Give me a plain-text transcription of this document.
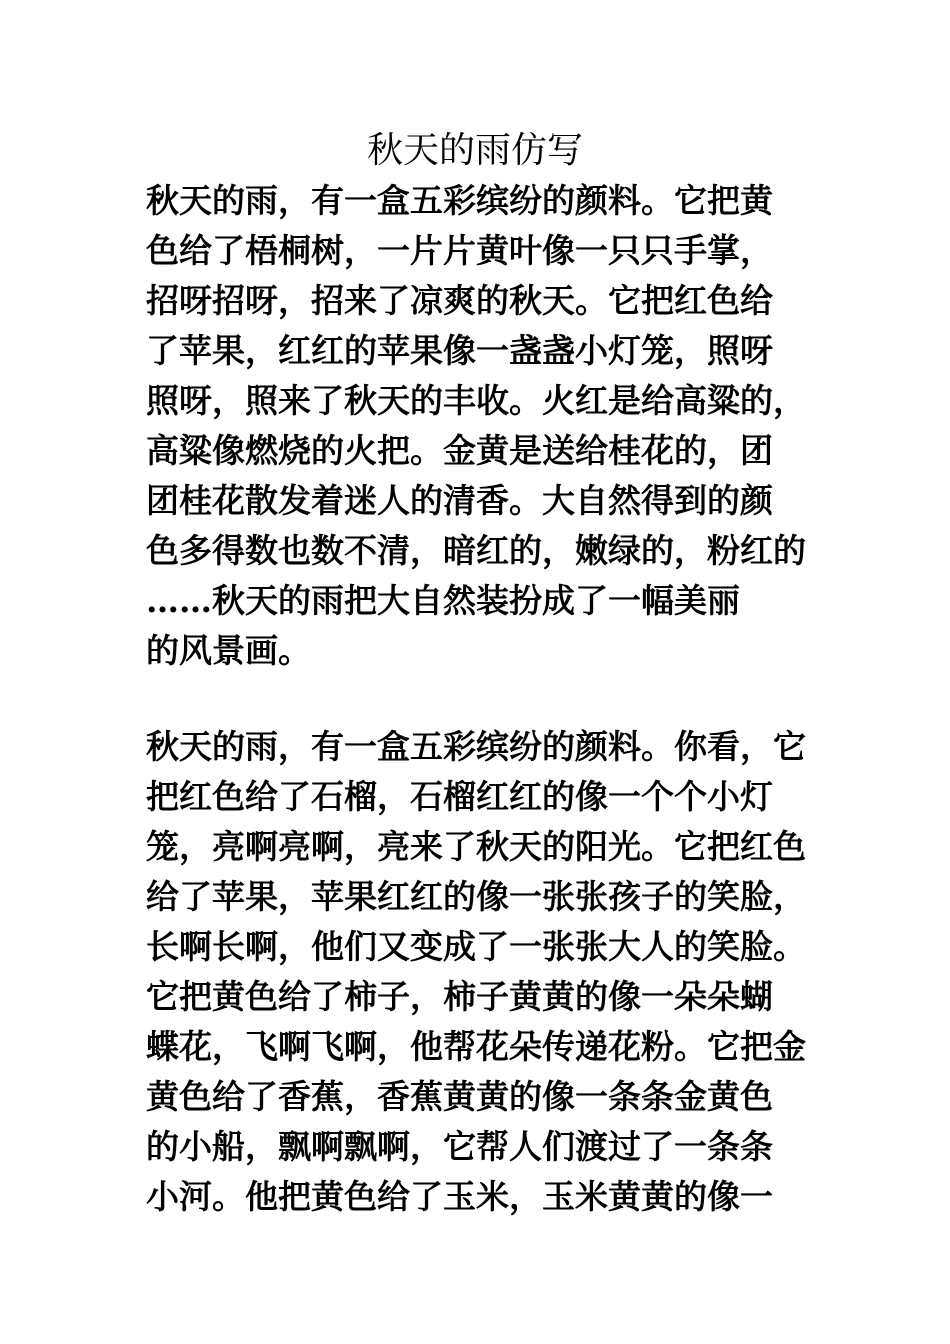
秋天的雨仿写
秋天的雨，有一盒五彩缤纷的颜料。它把黄
色给了梧桐树，一片片黄叶像一只只手掌，
招呀招呀，招来了凉爽的秋天。它把红色给
了苹果，红红的苹果像一盏盏小灯笼，照呀
照呀，照来了秋天的丰收。火红是给高粱的，
高粱像燃烧的火把。金黄是送给桂花的，团
团桂花散发着迷人的清香。大自然得到的颜
色多得数也数不清，暗红的，嫩绿的，粉红的
……秋天的雨把大自然装扮成了一幅美丽
的风景画。
秋天的雨，有一盒五彩缤纷的颜料。你看，它
把红色给了石榴，石榴红红的像一个个小灯
笼，亮啊亮啊，亮来了秋天的阳光。它把红色
给了苹果，苹果红红的像一张张孩子的笑脸，
长啊长啊，他们又变成了一张张大人的笑脸。
它把黄色给了柿子，柿子黄黄的像一朵朵蝴
蝶花，飞啊飞啊，他帮花朵传递花粉。它把金
黄色给了香蕉，香蕉黄黄的像一条条金黄色
的小船，飘啊飘啊，它帮人们渡过了一条条
小河。他把黄色给了玉米，玉米黄黄的像一
